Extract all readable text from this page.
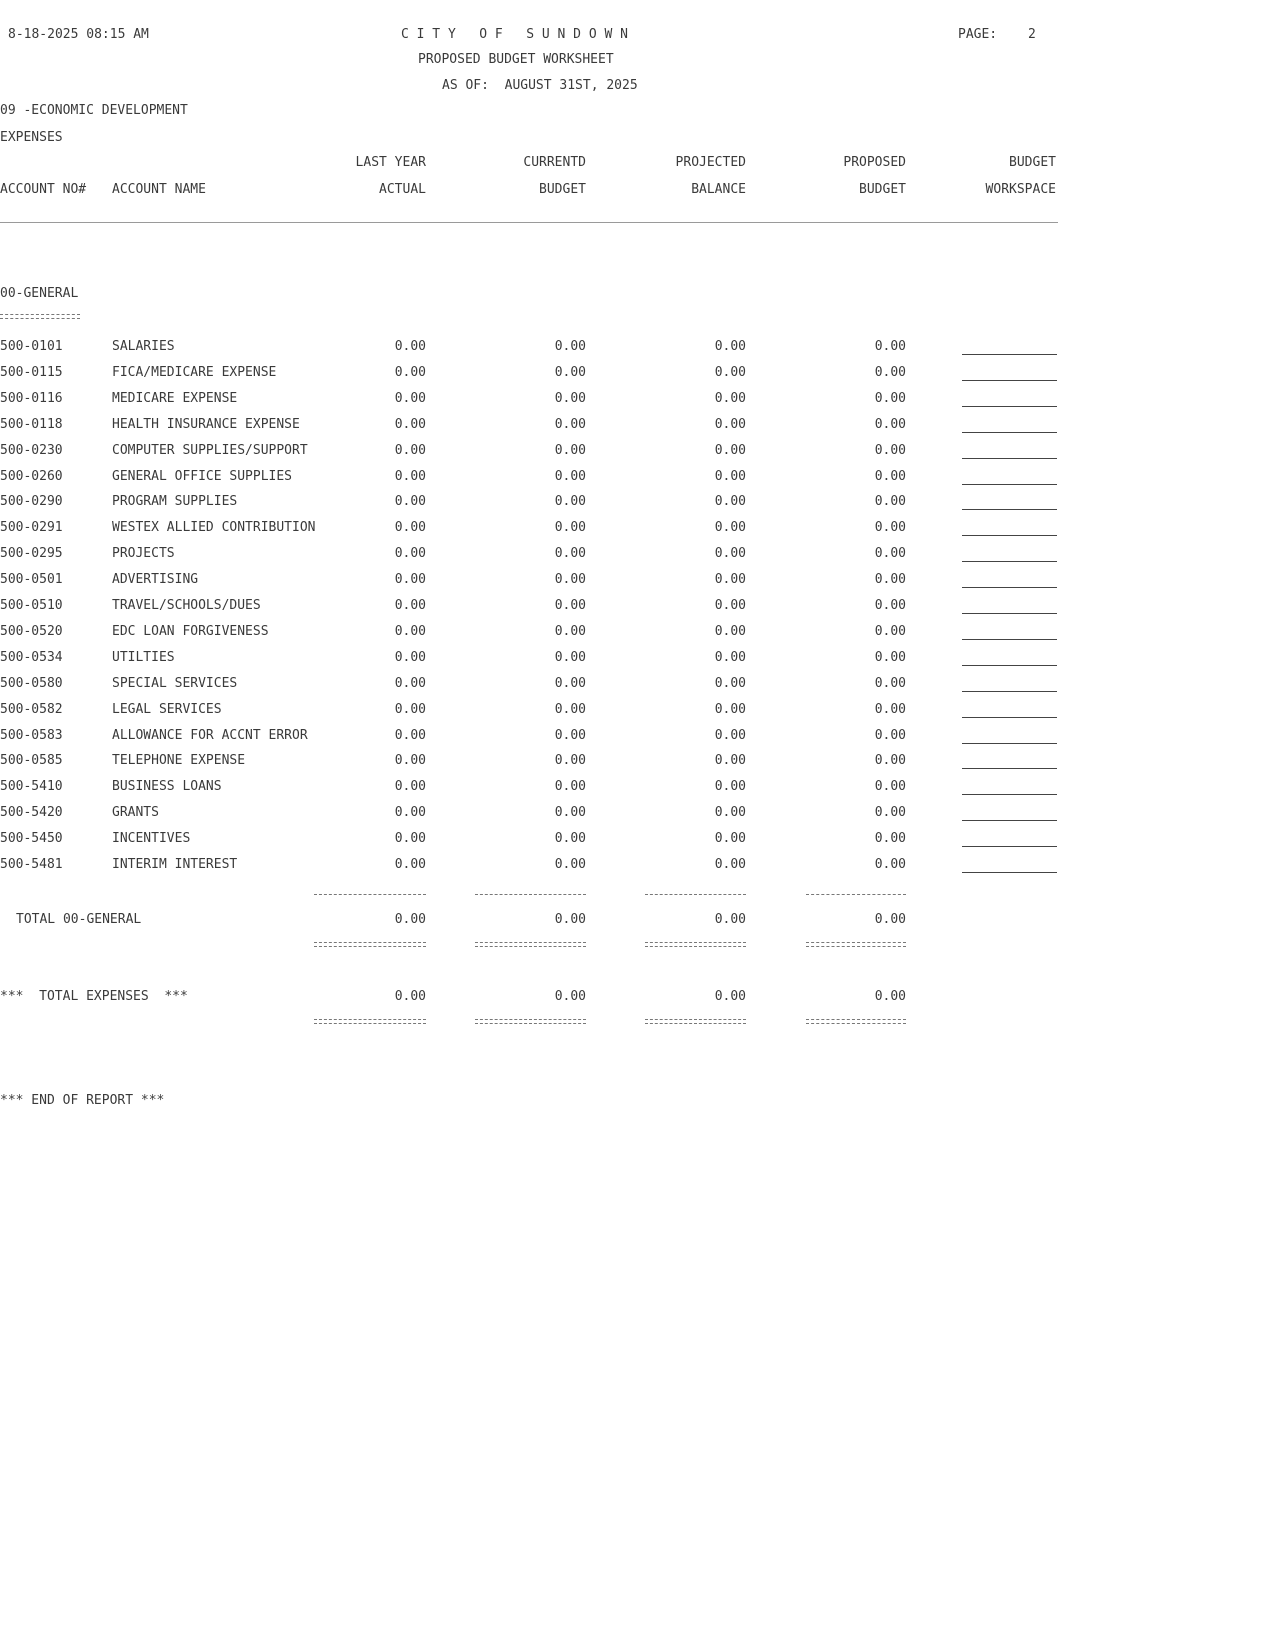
8-18-2025 08:15 AM	C I T Y   O F   S U N D O W N	PAGE: 2
PROPOSED BUDGET WORKSHEET
AS OF:  AUGUST 31ST, 2025
09 -ECONOMIC DEVELOPMENT
EXPENSES
LAST YEAR	CURRENTD	PROJECTED	PROPOSED	BUDGET
ACCOUNT NO# ACCOUNT NAME	ACTUAL	BUDGET	BALANCE	BUDGET	WORKSPACE
00-GENERAL
500-0101	SALARIES	0.00	0.00	0.00	0.00
500-0115	FICA/MEDICARE EXPENSE	0.00	0.00	0.00	0.00
500-0116	MEDICARE EXPENSE	0.00	0.00	0.00	0.00
500-0118	HEALTH INSURANCE EXPENSE	0.00	0.00	0.00	0.00
500-0230	COMPUTER SUPPLIES/SUPPORT	0.00	0.00	0.00	0.00
500-0260	GENERAL OFFICE SUPPLIES	0.00	0.00	0.00	0.00
500-0290	PROGRAM SUPPLIES	0.00	0.00	0.00	0.00
500-0291	WESTEX ALLIED CONTRIBUTION	0.00	0.00	0.00	0.00
500-0295	PROJECTS	0.00	0.00	0.00	0.00
500-0501	ADVERTISING	0.00	0.00	0.00	0.00
500-0510	TRAVEL/SCHOOLS/DUES	0.00	0.00	0.00	0.00
500-0520	EDC LOAN FORGIVENESS	0.00	0.00	0.00	0.00
500-0534	UTILTIES	0.00	0.00	0.00	0.00
500-0580	SPECIAL SERVICES	0.00	0.00	0.00	0.00
500-0582	LEGAL SERVICES	0.00	0.00	0.00	0.00
500-0583	ALLOWANCE FOR ACCNT ERROR	0.00	0.00	0.00	0.00
500-0585	TELEPHONE EXPENSE	0.00	0.00	0.00	0.00
500-5410	BUSINESS LOANS	0.00	0.00	0.00	0.00
500-5420	GRANTS	0.00	0.00	0.00	0.00
500-5450	INCENTIVES	0.00	0.00	0.00	0.00
500-5481	INTERIM INTEREST	0.00	0.00	0.00	0.00
TOTAL 00-GENERAL	0.00	0.00	0.00	0.00
***  TOTAL EXPENSES  ***	0.00	0.00	0.00	0.00
*** END OF REPORT ***
